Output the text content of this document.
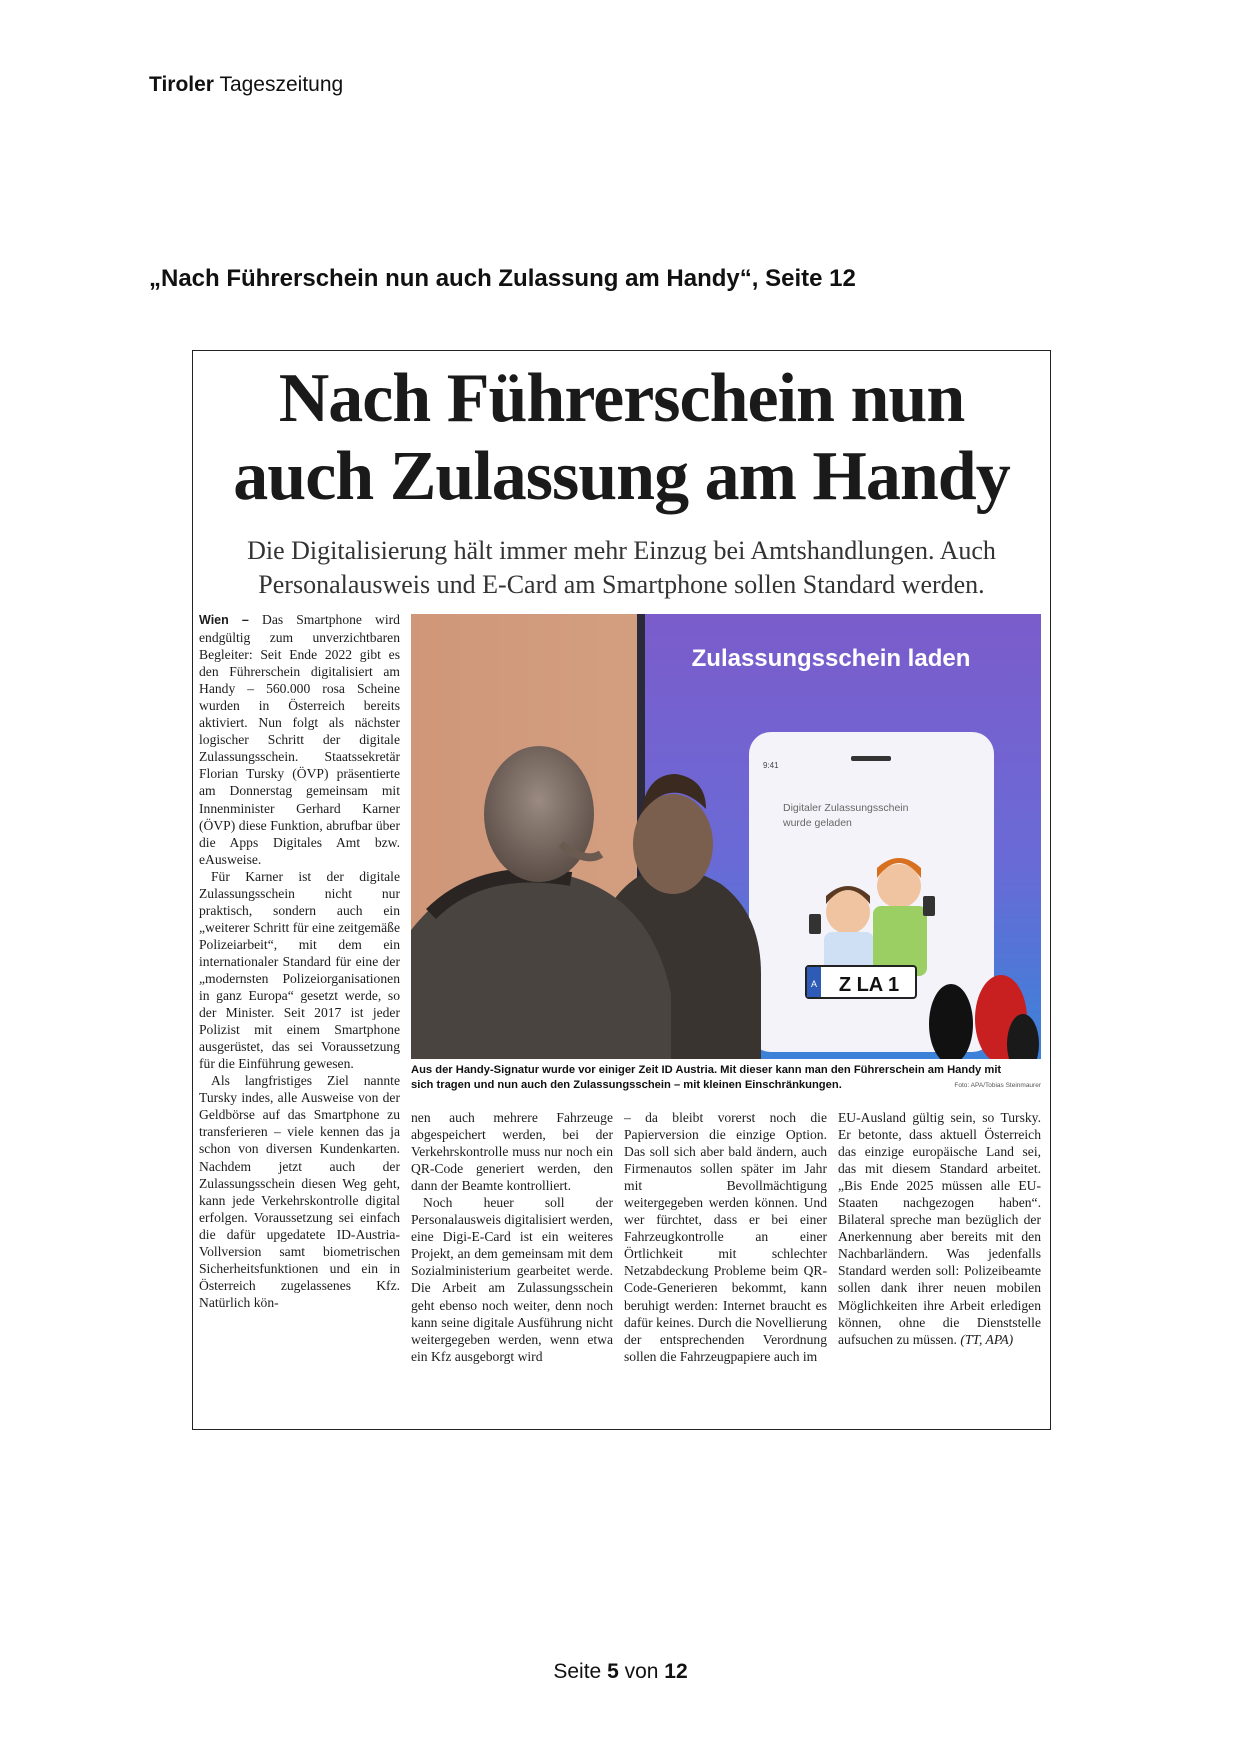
Tiroler Tageszeitung
„Nach Führerschein nun auch Zulassung am Handy“, Seite 12
Nach Führerschein nun
auch Zulassung am Handy
Die Digitalisierung hält immer mehr Einzug bei Amtshandlungen. Auch
Personalausweis und E-Card am Smartphone sollen Standard werden.

Wien – Das Smartphone wird endgültig zum unverzichtbaren Begleiter: Seit Ende 2022 gibt es den Führerschein digitalisiert am Handy – 560.000 rosa Scheine wurden in Österreich bereits aktiviert. Nun folgt als nächster logischer Schritt der digitale Zulassungsschein. Staatssekretär Florian Tursky (ÖVP) präsentierte am Donnerstag gemeinsam mit Innenminister Gerhard Karner (ÖVP) diese Funktion, abrufbar über die Apps Digitales Amt bzw. eAusweise.

Für Karner ist der digitale Zulassungsschein nicht nur praktisch, sondern auch ein „weiterer Schritt für eine zeitgemäße Polizeiarbeit“, mit dem ein internationaler Standard für eine der „modernsten Polizeiorganisationen in ganz Europa“ gesetzt werde, so der Minister. Seit 2017 ist jeder Polizist mit einem Smartphone ausgerüstet, das sei Voraussetzung für die Einführung gewesen.

Als langfristiges Ziel nannte Tursky indes, alle Ausweise von der Geldbörse auf das Smartphone zu transferieren – viele kennen das ja schon von diversen Kundenkarten. Nachdem jetzt auch der Zulassungsschein diesen Weg geht, kann jede Verkehrskontrolle digital erfolgen. Voraussetzung sei einfach die dafür upgedatete ID-Austria-Vollversion samt biometrischen Sicherheitsfunktionen und ein in Österreich zugelassenes Kfz. Natürlich kön-

Zulassungsschein laden
9:41
Digitaler Zulassungsschein
wurde geladen
A Z LA 1
Aus der Handy-Signatur wurde vor einiger Zeit ID Austria. Mit dieser kann man den Führerschein am Handy mit
sich tragen und nun auch den Zulassungsschein – mit kleinen Einschränkungen.	Foto: APA/Tobias Steinmaurer

nen auch mehrere Fahrzeuge abgespeichert werden, bei der Verkehrskontrolle muss nur noch ein QR-Code generiert werden, den dann der Beamte kontrolliert.

Noch heuer soll der Personalausweis digitalisiert werden, eine Digi-E-Card ist ein weiteres Projekt, an dem gemeinsam mit dem Sozialministerium gearbeitet werde. Die Arbeit am Zulassungsschein geht ebenso noch weiter, denn noch kann seine digitale Ausführung nicht weitergegeben werden, wenn etwa ein Kfz ausgeborgt wird

– da bleibt vorerst noch die Papierversion die einzige Option. Das soll sich aber bald ändern, auch Firmenautos sollen später im Jahr mit Bevollmächtigung weitergegeben werden können. Und wer fürchtet, dass er bei einer Fahrzeugkontrolle an einer Örtlichkeit mit schlechter Netzabdeckung Probleme beim QR-Code-Generieren bekommt, kann beruhigt werden: Internet braucht es dafür keines. Durch die Novellierung der entsprechenden Verordnung sollen die Fahrzeugpapiere auch im

EU-Ausland gültig sein, so Tursky. Er betonte, dass aktuell Österreich das einzige europäische Land sei, das mit diesem Standard arbeitet. „Bis Ende 2025 müssen alle EU-Staaten nachgezogen haben“. Bilateral spreche man bezüglich der Anerkennung aber bereits mit den Nachbarländern. Was jedenfalls Standard werden soll: Polizeibeamte sollen dank ihrer neuen mobilen Möglichkeiten ihre Arbeit erledigen können, ohne die Dienststelle aufsuchen zu müssen. (TT, APA)

Seite 5 von 12
